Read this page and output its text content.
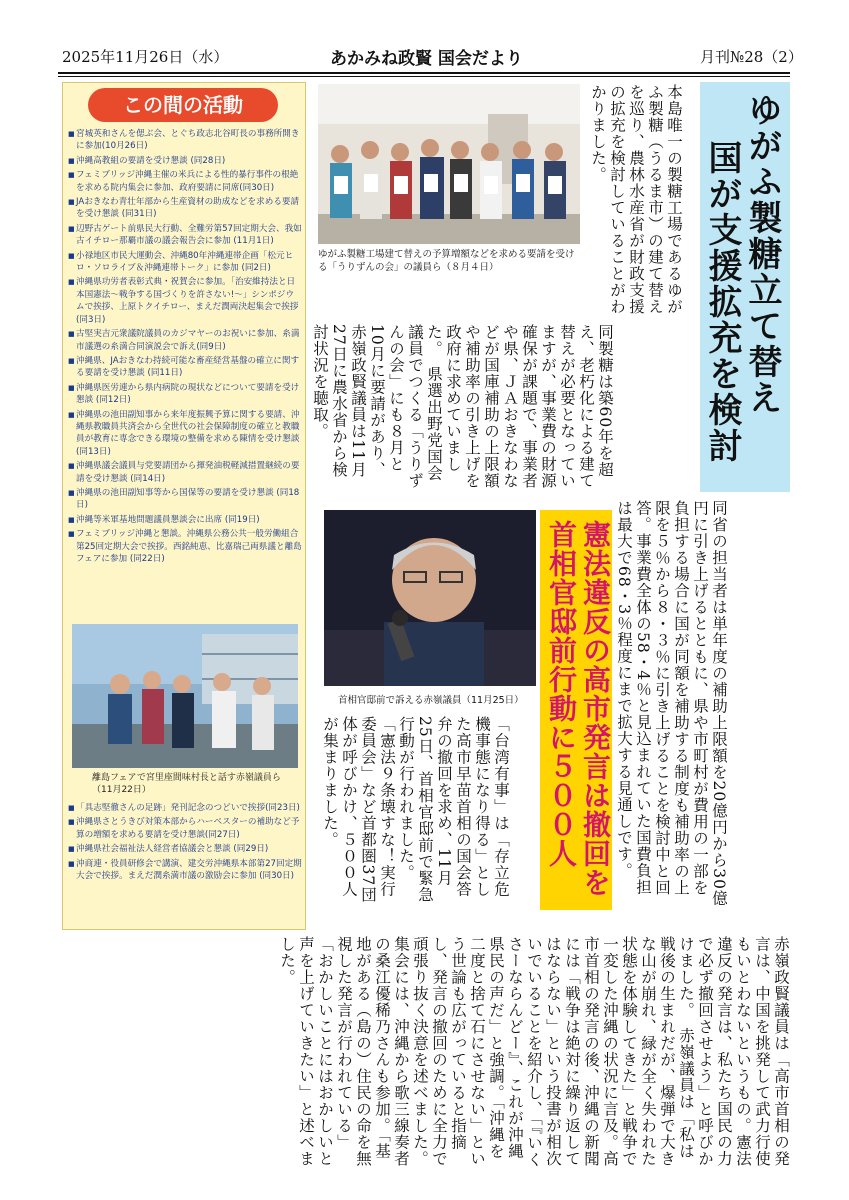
2025年11月26日（水）	あかみね政賢 国会だより	月刊№28（2）
この間の活動
■ 宮城英和さんを偲ぶ会、とぐち政志北谷町長の事務所開きに参加(10月26日)
■ 沖縄高教組の要請を受け懇談 (同28日)
■ フェミブリッジ沖縄主催の米兵による性的暴行事件の根絶を求める院内集会に参加、政府要請に同席(同30日)
■ JAおきなわ青壮年部から生産資材の助成などを求める要請を受け懇談 (同31日)
■ 辺野古ゲート前県民大行動、全難労第57回定期大会、我如古イチロー那覇市議の議会報告会に参加 (11月1日)
■ 小禄地区市民大運動会、沖縄80年沖縄連帯企画「松元ヒロ・ソロライブ＆沖縄連帯トーク」に参加 (同2日)
■ 沖縄県功労者表彰式典・祝賀会に参加。「治安維持法と日本国憲法〜戦争する国づくりを許さない!〜」シンポジウムで挨拶、上原トクイチロー、まえだ潤両決起集会で挨拶 (同3日)
■ 古堅実吉元衆議院議員のカジマヤーのお祝いに参加、糸満市議選の糸満合同演説会で訴え(同9日)
■ 沖縄県、JAおきなわ持続可能な畜産経営基盤の確立に関する要請を受け懇談 (同11日)
■ 沖縄県医労連から県内病院の現状などについて要請を受け懇談 (同12日)
■ 沖縄県の池田副知事から来年度振興予算に関する要請、沖縄県教職員共済会から全世代の社会保障制度の確立と教職員が教育に専念できる環境の整備を求める陳情を受け懇談 (同13日)
■ 沖縄県議会議員与党要請団から揮発油税軽減措置継続の要請を受け懇談 (同14日)
■ 沖縄県の池田副知事等から国保等の要請を受け懇談 (同18日)
■ 沖縄等米軍基地問題議員懇談会に出席 (同19日)
■ フェミブリッジ沖縄と懇談。沖縄県公務公共一般労働組合第25回定期大会で挨拶。西銘純恵、比嘉瑞己両県議と離島フェアに参加 (同22日)
離島フェアで宮里座間味村長と話す赤嶺議員ら（11月22日）
■ 「具志堅徹さんの足跡」発刊記念のつどいで挨拶(同23日)
■ 沖縄県さとうきび対策本部からハーベスターの補助など予算の増額を求める要請を受け懇談(同27日)
■ 沖縄県社会福祉法人経営者協議会と懇談 (同29日)
■ 沖商連・役員研修会で講演、建交労沖縄県本部第27回定期大会で挨拶。まえだ潤糸満市議の激励会に参加 (同30日)
ゆがふ製糖工場建て替えの予算増額などを求める要請を受ける「うりずんの会」の議員ら（８月４日）	ゆがふ製糖立て替え
国が支援拡充を検討
本島唯一の製糖工場であるゆがふ製糖（うるま市）の建て替えを巡り、農林水産省が財政支援の拡充を検討していることがわかりました。
同製糖は築60年を超え、老朽化による建て替えが必要となっていますが、事業費の財源確保が課題で、事業者や県、ＪＡおきなわなどが国庫補助の上限額や補助率の引き上げを政府に求めていました。　県選出野党国会議員でつくる「うりずんの会」にも８月と10月に要請があり、赤嶺政賢議員は11月27日に農水省から検討状況を聴取。
同省の担当者は単年度の補助上限額を20億円から30億円に引き上げるとともに、県や市町村が費用の一部を負担する場合に国が同額を補助する制度も補助率の上限を５％から８・３％に引き上げることを検討中と回答。事業費全体の58・4％と見込まれていた国費負担は最大で68・3％程度にまで拡大する見通しです。
憲法違反の高市発言は撤回を
首相官邸前行動に５００人
首相官邸前で訴える赤嶺議員（11月25日）
「台湾有事」は「存立危機事態になり得る」とした高市早苗首相の国会答弁の撤回を求め、11月25日、首相官邸前で緊急行動が行われました。「憲法９条壊すな！実行委員会」など首都圏37団体が呼びかけ、５００人が集まりました。
赤嶺政賢議員は「高市首相の発言は、中国を挑発して武力行使もいとわないというもの。憲法違反の発言は、私たち国民の力で必ず撤回させよう」と呼びかけました。　赤嶺議員は「私は戦後の生まれだが、爆弾で大きな山が崩れ、緑が全く失われた状態を体験してきた」と戦争で一変した沖縄の状況に言及。高市首相の発言の後、沖縄の新聞には「戦争は絶対に繰り返してはならない」という投書が相次いでいることを紹介し、「『いくさーならんどー』、これが沖縄県民の声だ」と強調。「沖縄を二度と捨て石にさせない」という世論も広がっていると指摘し、発言の撤回のために全力で頑張り抜く決意を述べました。　集会には、沖縄から歌三線奏者の桑江優稀乃さんも参加。「基地がある（島の）住民の命を無視した発言が行われている」「おかしいことにはおかしいと声を上げていきたい」と述べました。
